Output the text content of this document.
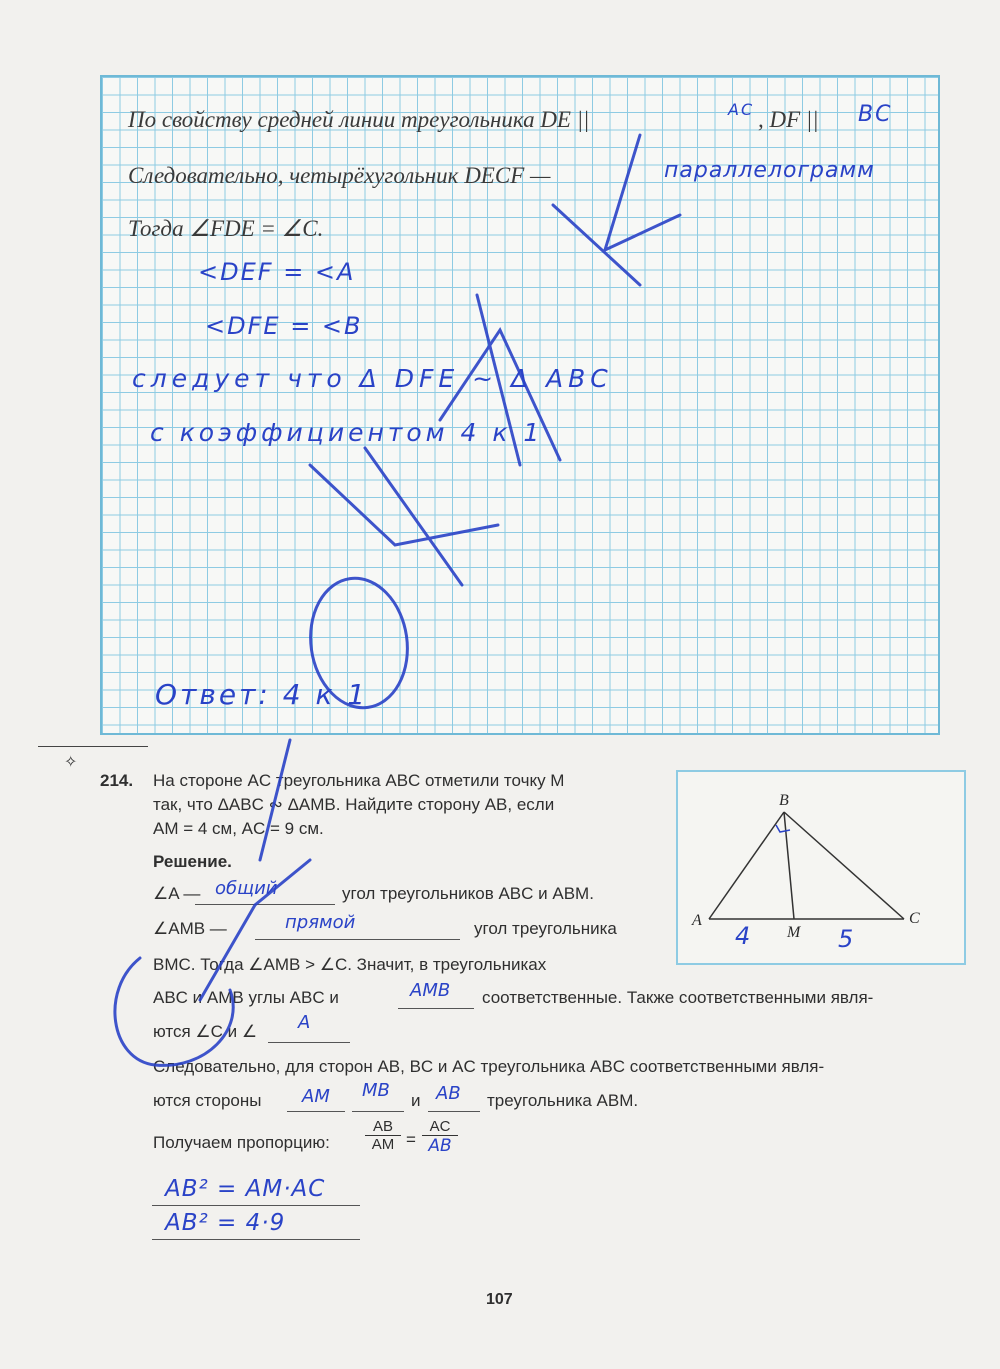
По свойству средней линии треугольника DE ||	AC , DF || BC
Следовательно, четырёхугольник DECF —	параллелограмм
Тогда ∠FDE = ∠C.
<DEF = <A
<DFE = <B
следует что Δ DFE ~ Δ ABC
с коэффициентом 4 к 1
Ответ: 4 к 1
✧
214. На стороне AC треугольника ABC отметили точку M
так, что ΔABC ∾ ΔAMB. Найдите сторону AB, если
AM = 4 см, AC = 9 см.
Решение.
∠A — общий	угол треугольников ABC и ABM.
∠AMB —	прямой	угол треугольника
BMC. Тогда ∠AMB > ∠C. Значит, в треугольниках
ABC и AMB углы ABC и	AMB соответственные. Также соответственными явля-
ются ∠C и ∠ A
Следовательно, для сторон AB, BC и AC треугольника ABC соответственными явля-
ются стороны AM MB и AB треугольника ABM.
Получаем пропорцию: $\frac{AB}{AM} = \frac{AC}{AB}$
AB² = AM·AC
AB² = 4·9
B
A
M
C
4	5
107
